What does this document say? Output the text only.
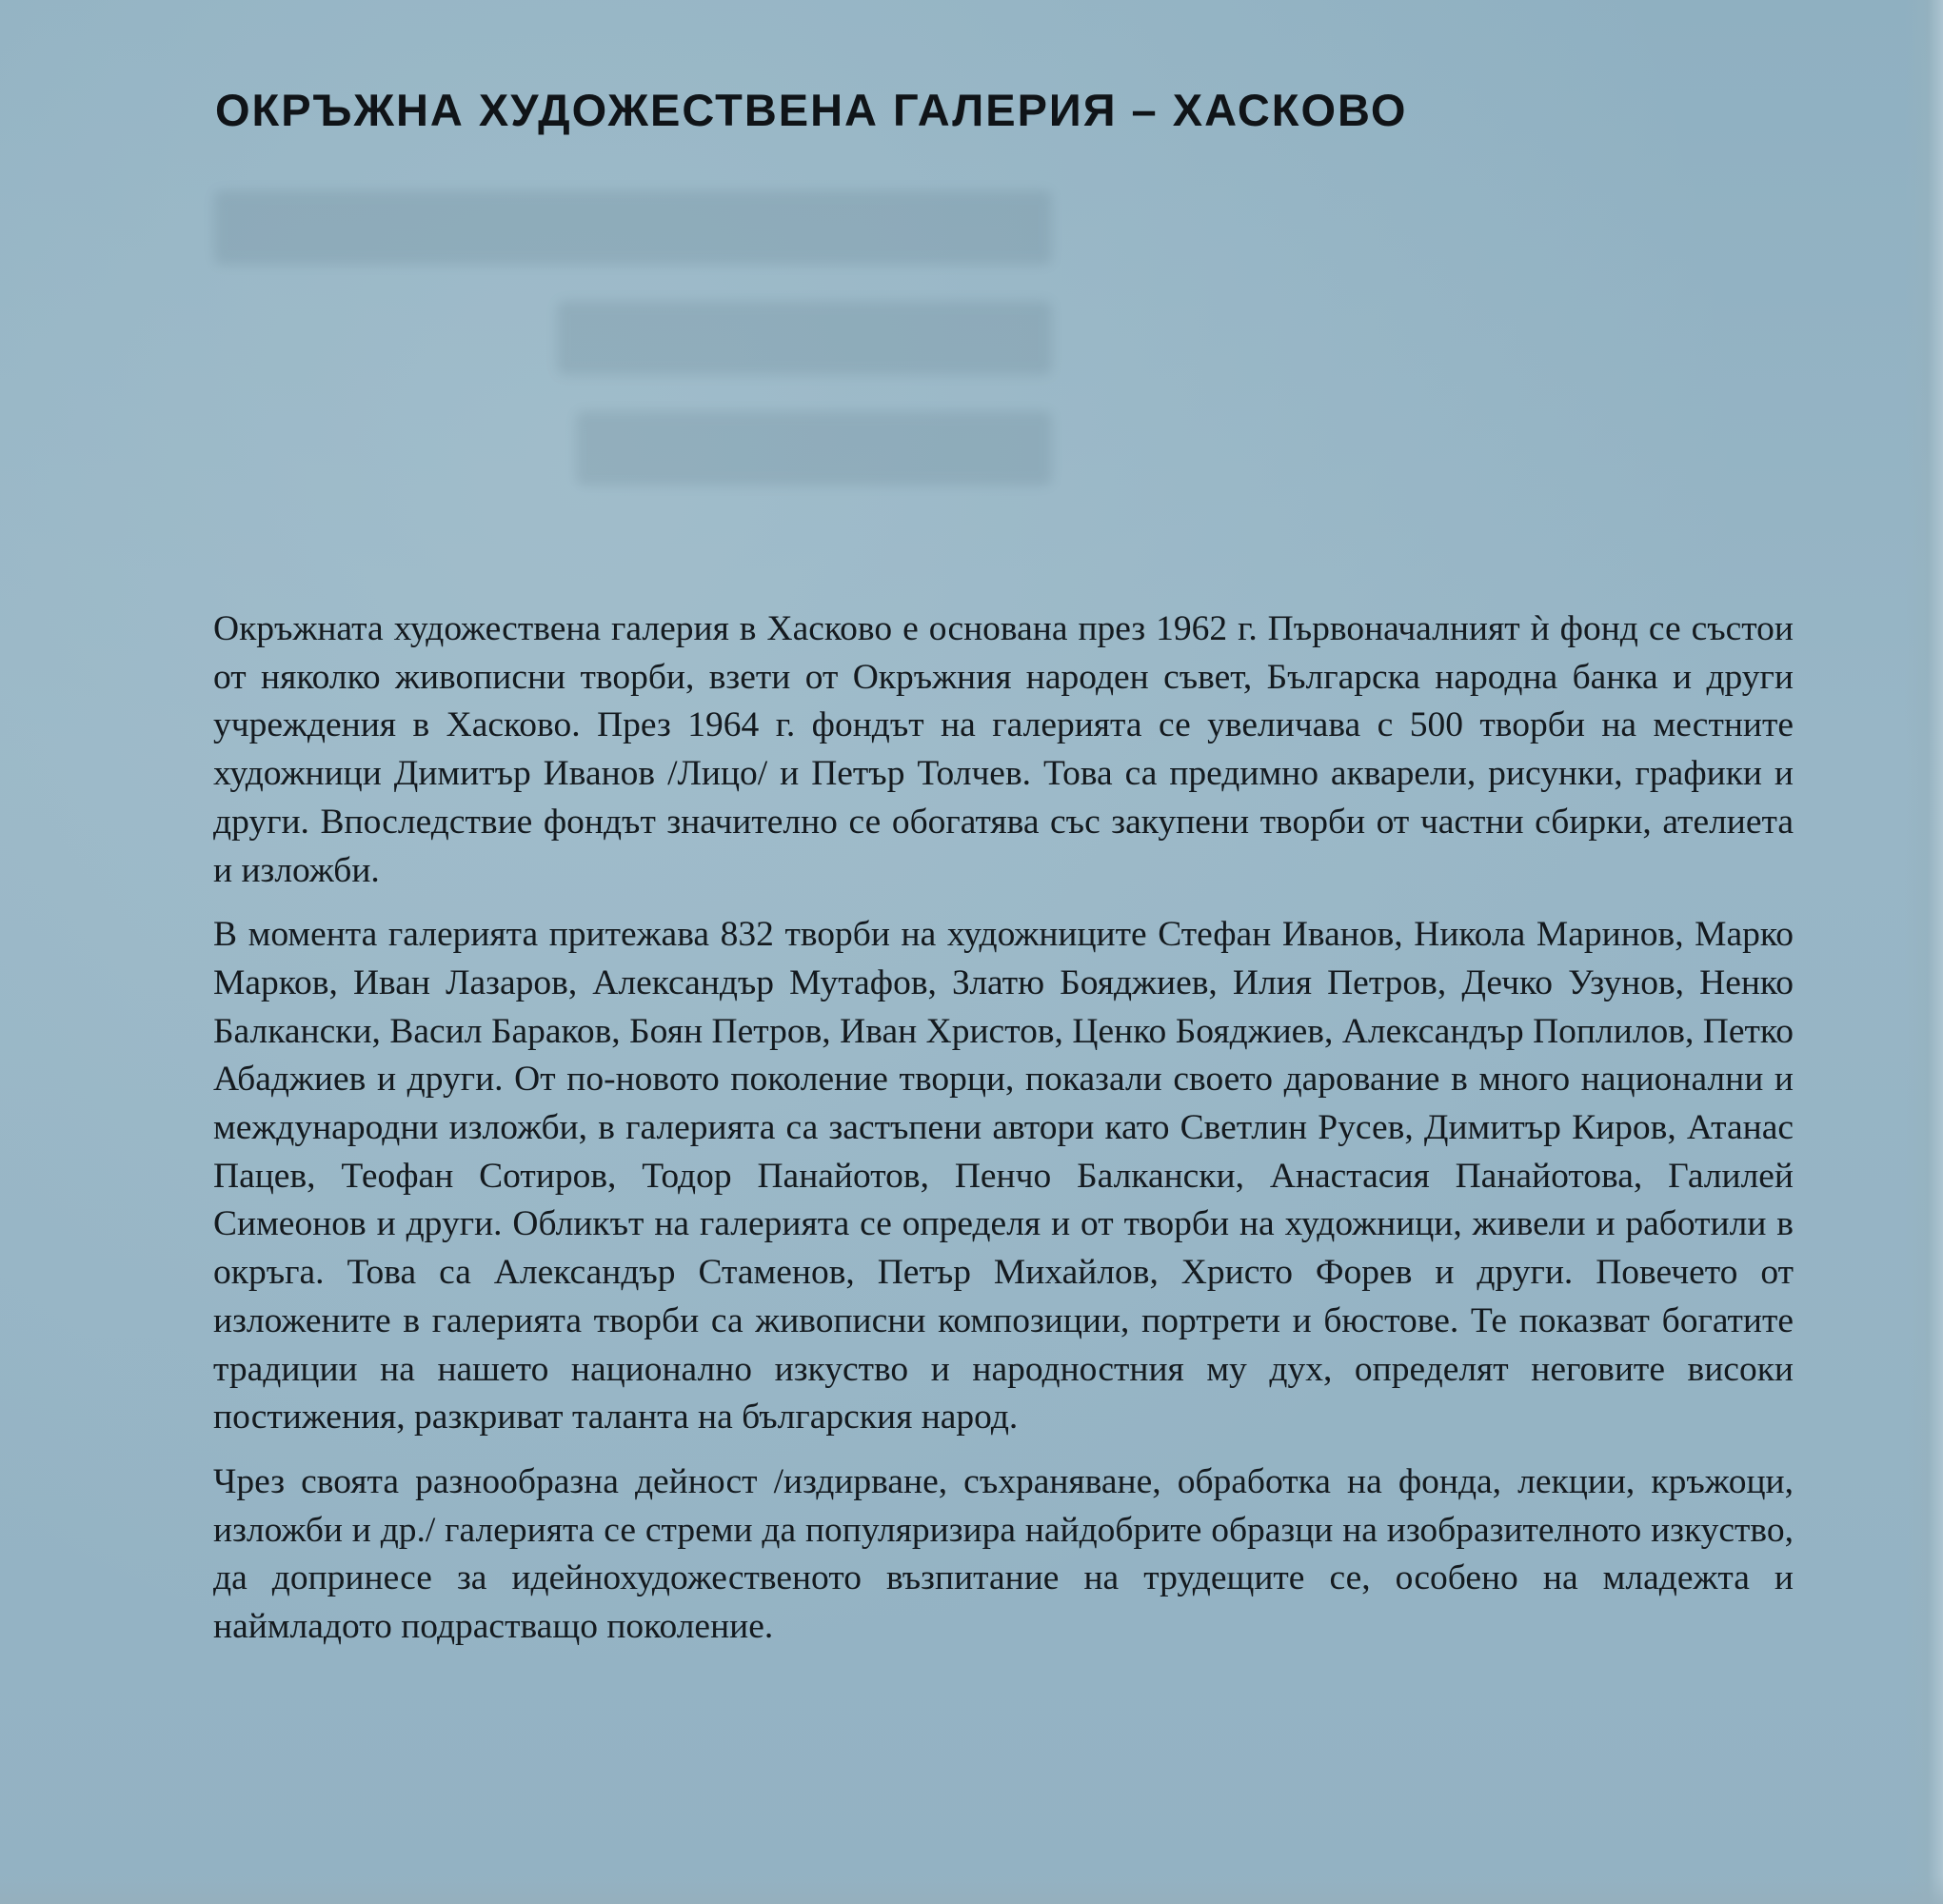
ОКРЪЖНА ХУДОЖЕСТВЕНА ГАЛЕРИЯ – ХАСКОВО

Окръжната художествена галерия в Хасково е основана през 1962 г. Първоначалният ѝ фонд се състои от няколко живописни творби, взети от Окръжния народен съвет, Българска народна банка и други учреждения в Хасково. През 1964 г. фондът на галерията се увеличава с 500 творби на местните художници Димитър Иванов /Лицо/ и Петър Толчев. Това са предимно акварели, рисунки, графики и други. Впоследствие фондът значително се обогатява със закупени творби от частни сбирки, ателиета и изложби.

В момента галерията притежава 832 творби на художниците Стефан Иванов, Никола Маринов, Марко Марков, Иван Лазаров, Александър Мутафов, Златю Бояджиев, Илия Петров, Дечко Узунов, Ненко Балкански, Васил Бараков, Боян Петров, Иван Христов, Ценко Бояджиев, Александър Поплилов, Петко Абаджиев и други. От по-новото поколение творци, показали своето дарование в много национални и международни изложби, в галерията са застъпени автори като Светлин Русев, Димитър Киров, Атанас Пацев, Теофан Сотиров, Тодор Панайотов, Пенчо Балкански, Анастасия Панайотова, Галилей Симеонов и други. Обликът на галерията се определя и от творби на художници, живели и работили в окръга. Това са Александър Стаменов, Петър Михайлов, Христо Форев и други. Повечето от изложените в галерията творби са живописни композиции, портрети и бюстове. Те показват богатите традиции на нашето национално изкуство и народностния му дух, определят неговите високи постижения, разкриват таланта на българския народ.

Чрез своята разнообразна дейност /издирване, съхраняване, обработка на фонда, лекции, кръжоци, изложби и др./ галерията се стреми да популяризира найдобрите образци на изобразителното изкуство, да допринесе за идейнохудожественото възпитание на трудещите се, особено на младежта и наймладото подрастващо поколение.
